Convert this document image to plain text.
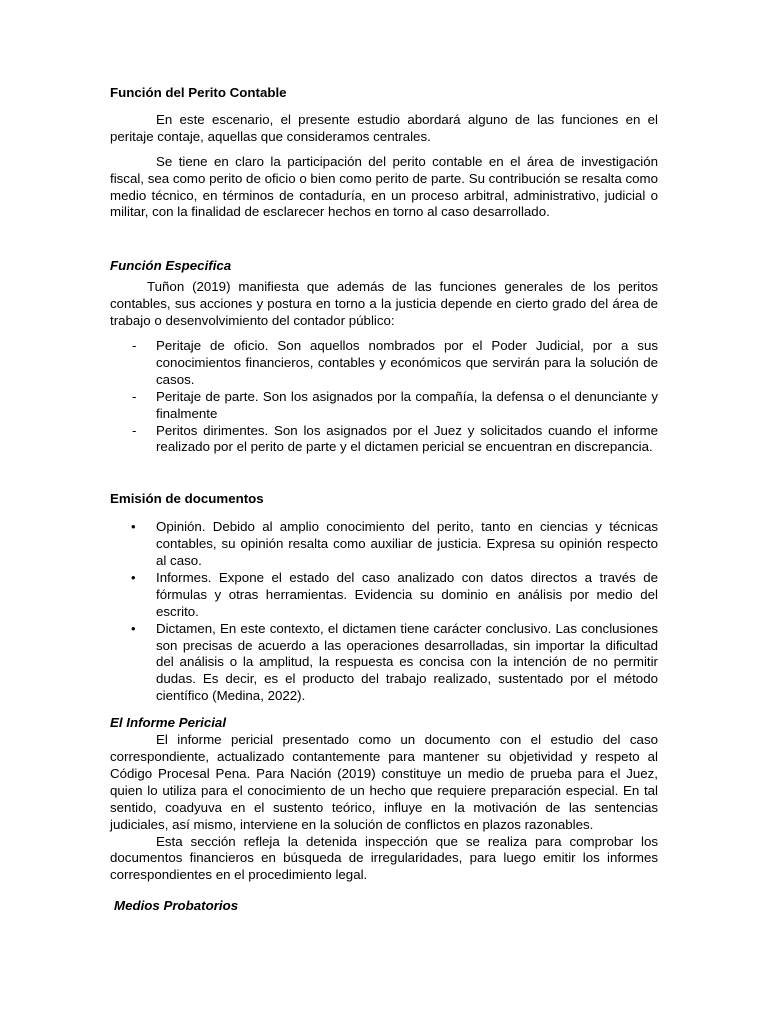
Función del Perito Contable

En este escenario, el presente estudio abordará alguno de las funciones en el peritaje contaje, aquellas que consideramos centrales.

Se tiene en claro la participación del perito contable en el área de investigación fiscal, sea como perito de oficio o bien como perito de parte. Su contribución se resalta como medio técnico, en términos de contaduría, en un proceso arbitral, administrativo, judicial o militar, con la finalidad de esclarecer hechos en torno al caso desarrollado.

Función Especifica

Tuñon (2019) manifiesta que además de las funciones generales de los peritos contables, sus acciones y postura en torno a la justicia depende en cierto grado del área de trabajo o desenvolvimiento del contador público:

- Peritaje de oficio. Son aquellos nombrados por el Poder Judicial, por a sus conocimientos financieros, contables y económicos que servirán para la solución de casos.
- Peritaje de parte. Son los asignados por la compañía, la defensa o el denunciante y finalmente
- Peritos dirimentes. Son los asignados por el Juez y solicitados cuando el informe realizado por el perito de parte y el dictamen pericial se encuentran en discrepancia.
Emisión de documentos
• Opinión. Debido al amplio conocimiento del perito, tanto en ciencias y técnicas contables, su opinión resalta como auxiliar de justicia. Expresa su opinión respecto al caso.
• Informes. Expone el estado del caso analizado con datos directos a través de fórmulas y otras herramientas. Evidencia su dominio en análisis por medio del escrito.
• Dictamen, En este contexto, el dictamen tiene carácter conclusivo. Las conclusiones son precisas de acuerdo a las operaciones desarrolladas, sin importar la dificultad del análisis o la amplitud, la respuesta es concisa con la intención de no permitir dudas. Es decir, es el producto del trabajo realizado, sustentado por el método científico (Medina, 2022).
El Informe Pericial

El informe pericial presentado como un documento con el estudio del caso correspondiente, actualizado contantemente para mantener su objetividad y respeto al Código Procesal Pena. Para Nación (2019) constituye un medio de prueba para el Juez, quien lo utiliza para el conocimiento de un hecho que requiere preparación especial. En tal sentido, coadyuva en el sustento teórico, influye en la motivación de las sentencias judiciales, así mismo, interviene en la solución de conflictos en plazos razonables.

Esta sección refleja la detenida inspección que se realiza para comprobar los documentos financieros en búsqueda de irregularidades, para luego emitir los informes correspondientes en el procedimiento legal.

Medios Probatorios
